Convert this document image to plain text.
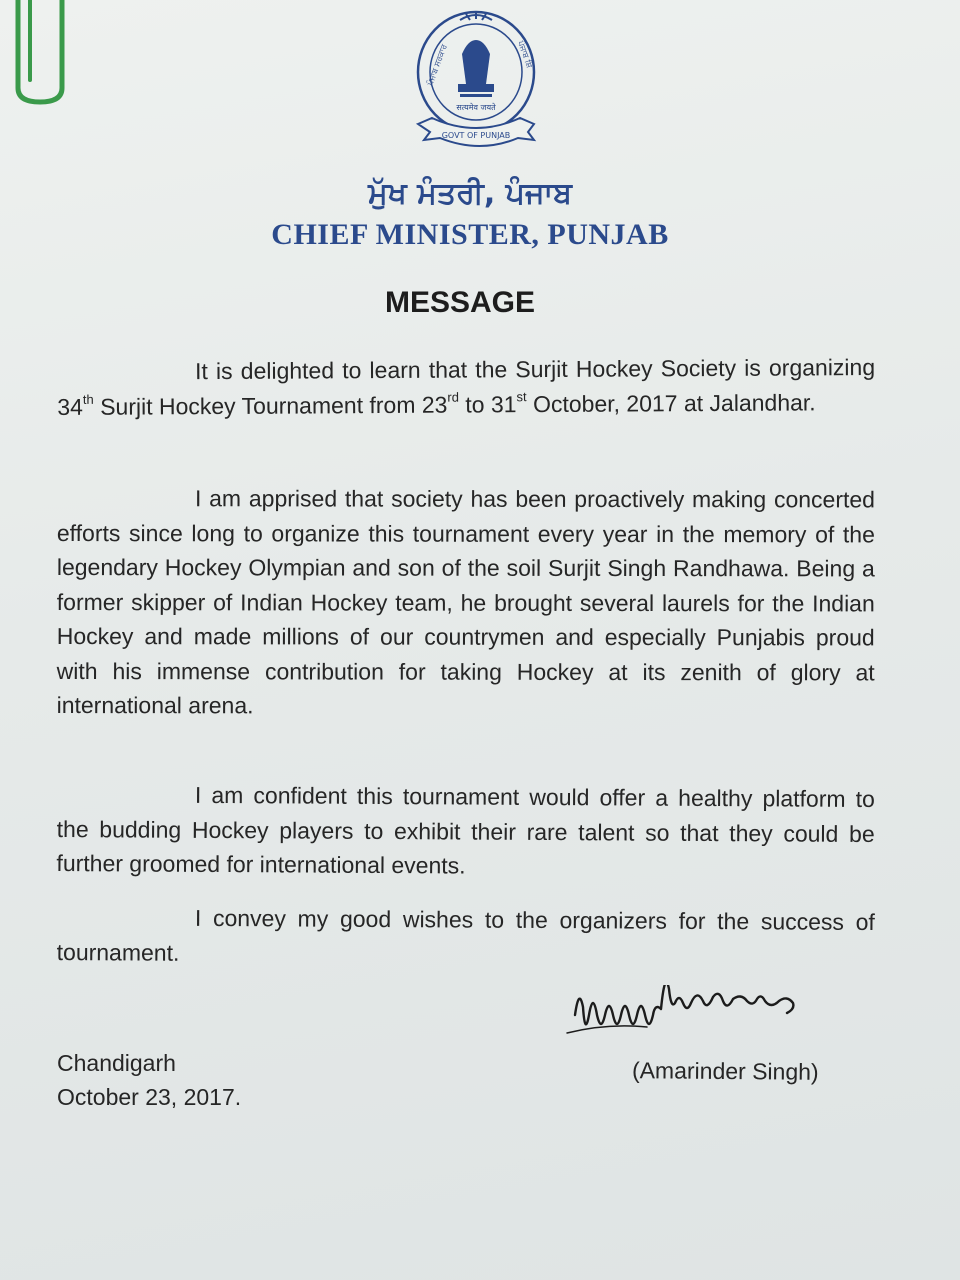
सत्यमेव जयते
ਪੰਜਾਬ ਸਰਕਾਰ	ਪੰਜਾਬ ਸ਼ਿ
GOVT OF PUNJAB
ਮੁੱਖ ਮੰਤਰੀ, ਪੰਜਾਬ
CHIEF MINISTER, PUNJAB
MESSAGE

It is delighted to learn that the Surjit Hockey Society is organizing 34th Surjit Hockey Tournament from 23rd to 31st October, 2017 at Jalandhar.

I am apprised that society has been proactively making concerted efforts since long to organize this tournament every year in the memory of the legendary Hockey Olympian and son of the soil Surjit Singh Randhawa. Being a former skipper of Indian Hockey team, he brought several laurels for the Indian Hockey and made millions of our countrymen and especially Punjabis proud with his immense contribution for taking Hockey at its zenith of glory at international arena.

I am confident this tournament would offer a healthy platform to the budding Hockey players to exhibit their rare talent so that they could be further groomed for international events.

I convey my good wishes to the organizers for the success of tournament.

(Amarinder Singh)
Chandigarh
October 23, 2017.
